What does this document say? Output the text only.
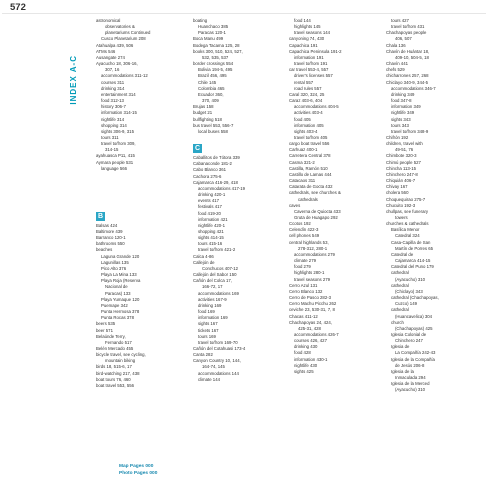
572
INDEX A-C
astronomical
observatories &
planetariums Continued
Cusco Planetarium 208
Atahualpa 439, 506
ATMs 546
Ausangate 274
Ayacucho 18, 306-16,
307, 16
accommodations 311-12
courses 311
drinking 314
entertainment 314
food 312-13
history 306-7
information 314-15
nightlife 314
shopping 314
sights 306-9, 315
tours 311
travel to/from 309,
314-15
ayahuasca P11, 415
Aymara people 531
language 566

B
Balsas 424
Baltimore 439
Barranco 120-1
bathrooms 550
beaches
Laguna Grande 120
Lagunillas 135
Pico Alto 376
Playa La Mina 133
Playa Roja (Reserva
Nacional de
Paracas) 133
Playa Yumaque 120
Puemape 342
Punta Hermosa 378
Punta Rocas 378
beers 535
beer 571
Belaúnde Terry,
Fernando 517
Belén Mercado 455
bicycle travel, see cycling,
mountain biking
birds 18, 515-6, 17
bird-watching 217, 438
boat tours 76, 460
boat travel 553, 556
boating
Huanchaco 385
Paracas 120-1
Boca Manu 499
Bodega Tacama 125, 28
books 300, 510, 524, 527,
532, 535, 537
border crossings 554
Bolivia 194-5, 495
Brazil 456, 495
Chile 145
Colombia 465
Ecuador 360,
370, 409
Brujas 158
budget 21
bullfighting 518
bus travel 553, 556-7
local buses 558

C
Caballitos de Tótora 339
Cabanaconde 181-2
Cabo Blanco 361
Cachora 275-6
Cajamarca 416-29, 418
accommodations 417-19
drinking 420-1
events 417
festivals 417
food 419-20
information 421
nightlife 420-1
shopping 421
sights 414-15
tours 415-16
travel to/from 421-2
Calca 4-86
Callejón de
Conchucos 407-12
Callejón del Sabor 150
Cañón del Colca 17,
166-72, 17
accommodations 169
activities 167-9
drinking 169
food 169
information 169
sights 167
tickets 167
tours 169
travel to/from 169-70
Cañón del Cotahuasi 173-4
Canta 282
Canyon Country 10, 144,
164-74, 145
accommodations 144
climate 144
food 144
highlights 145
travel seasons 144
canyoning 74, 430
Capachica 191
Capachica Peninsula 191-2
information 191
travel to/from 191
car travel 553-4, 557
driver's licenses 557
rental 557
road rules 557
Caral 320, 324, 25
Caraz 403-6, 404
accommodations 404-5
activities 403-4
food 405
information 405
sights 403-4
travel to/from 405
cargo boat travel 556
Carhuaz 400-1
Carretera Central 378
Casma 321-2
Castilla, Ramón 510
Castillo de Lamas 444
Catacaos 311
Catarata de Gocta 432
cathedrals, see churches &
cathedrals
caves
Caverna de Quiocta 433
Gruta de Huagapo 292
Ccotos 192
Celendín 422-3
cell phones 549
central highlands 53,
278-312, 280-1
accommodations 279
climate 279
food 279
highlights 280-1
travel seasons 279
Cerro Azul 131
Cerro Blanco 132
Cerro de Pasco 282-3
Cerro Machu Picchu 262
ceviche 23, 530-31, 7, 8
Chacas 411-12
Chachapoyas 24, 424,
425-31, 428
accommodations 426-7
courses 426, 427
drinking 430
food 428
information 430-1
nightlife 430
sights 425
tours 427
travel to/from 431
Chachapoyas people
406, 507
Chala 136
Chavín de Huántar 18,
409-10, 504-5, 18
Chavín 441
chefs 529
chicharrones 257, 268
Chiclayo 340-9, 344-5
accommodations 346-7
drinking 349
food 347-8
information 349
nightlife 349
sights 343
tours 343
travel to/from 348-9
Chifrón 192
children, travel with
49-51, 76
Chimbote 320-3
Chimú people 527
Chincha 113-15
Chinchero 247-8
Chiquián 406-7
Chivay 167
cholera 560
Choquequirao 275-7
Chucuito 192-3
chullpas, see funerary
towers
churches & cathedrals
Basílica Menor
Catedral 324
Casa-Capilla de San
Martín de Porres 65
Catedral de
Cajamarca 414-15
Catedral del Puno 179
cathedral
(Ayacucho) 310
cathedral
(Chiclayo) 343
cathedral (Chachapoyas,
Cuzco) 149
cathedral
(Huancavelica) 304
church
(Chachapoyas) 425
Iglesia Colonial de
Chinchero 247
Iglesia de
La Compañía 242-43
Iglesia de la Compañía
de Jesús 206-8
Iglesia de la
Inmaculada 294
Iglesia de la Merced
(Ayacucho) 310
Map Pages 000
Photo Pages 000
